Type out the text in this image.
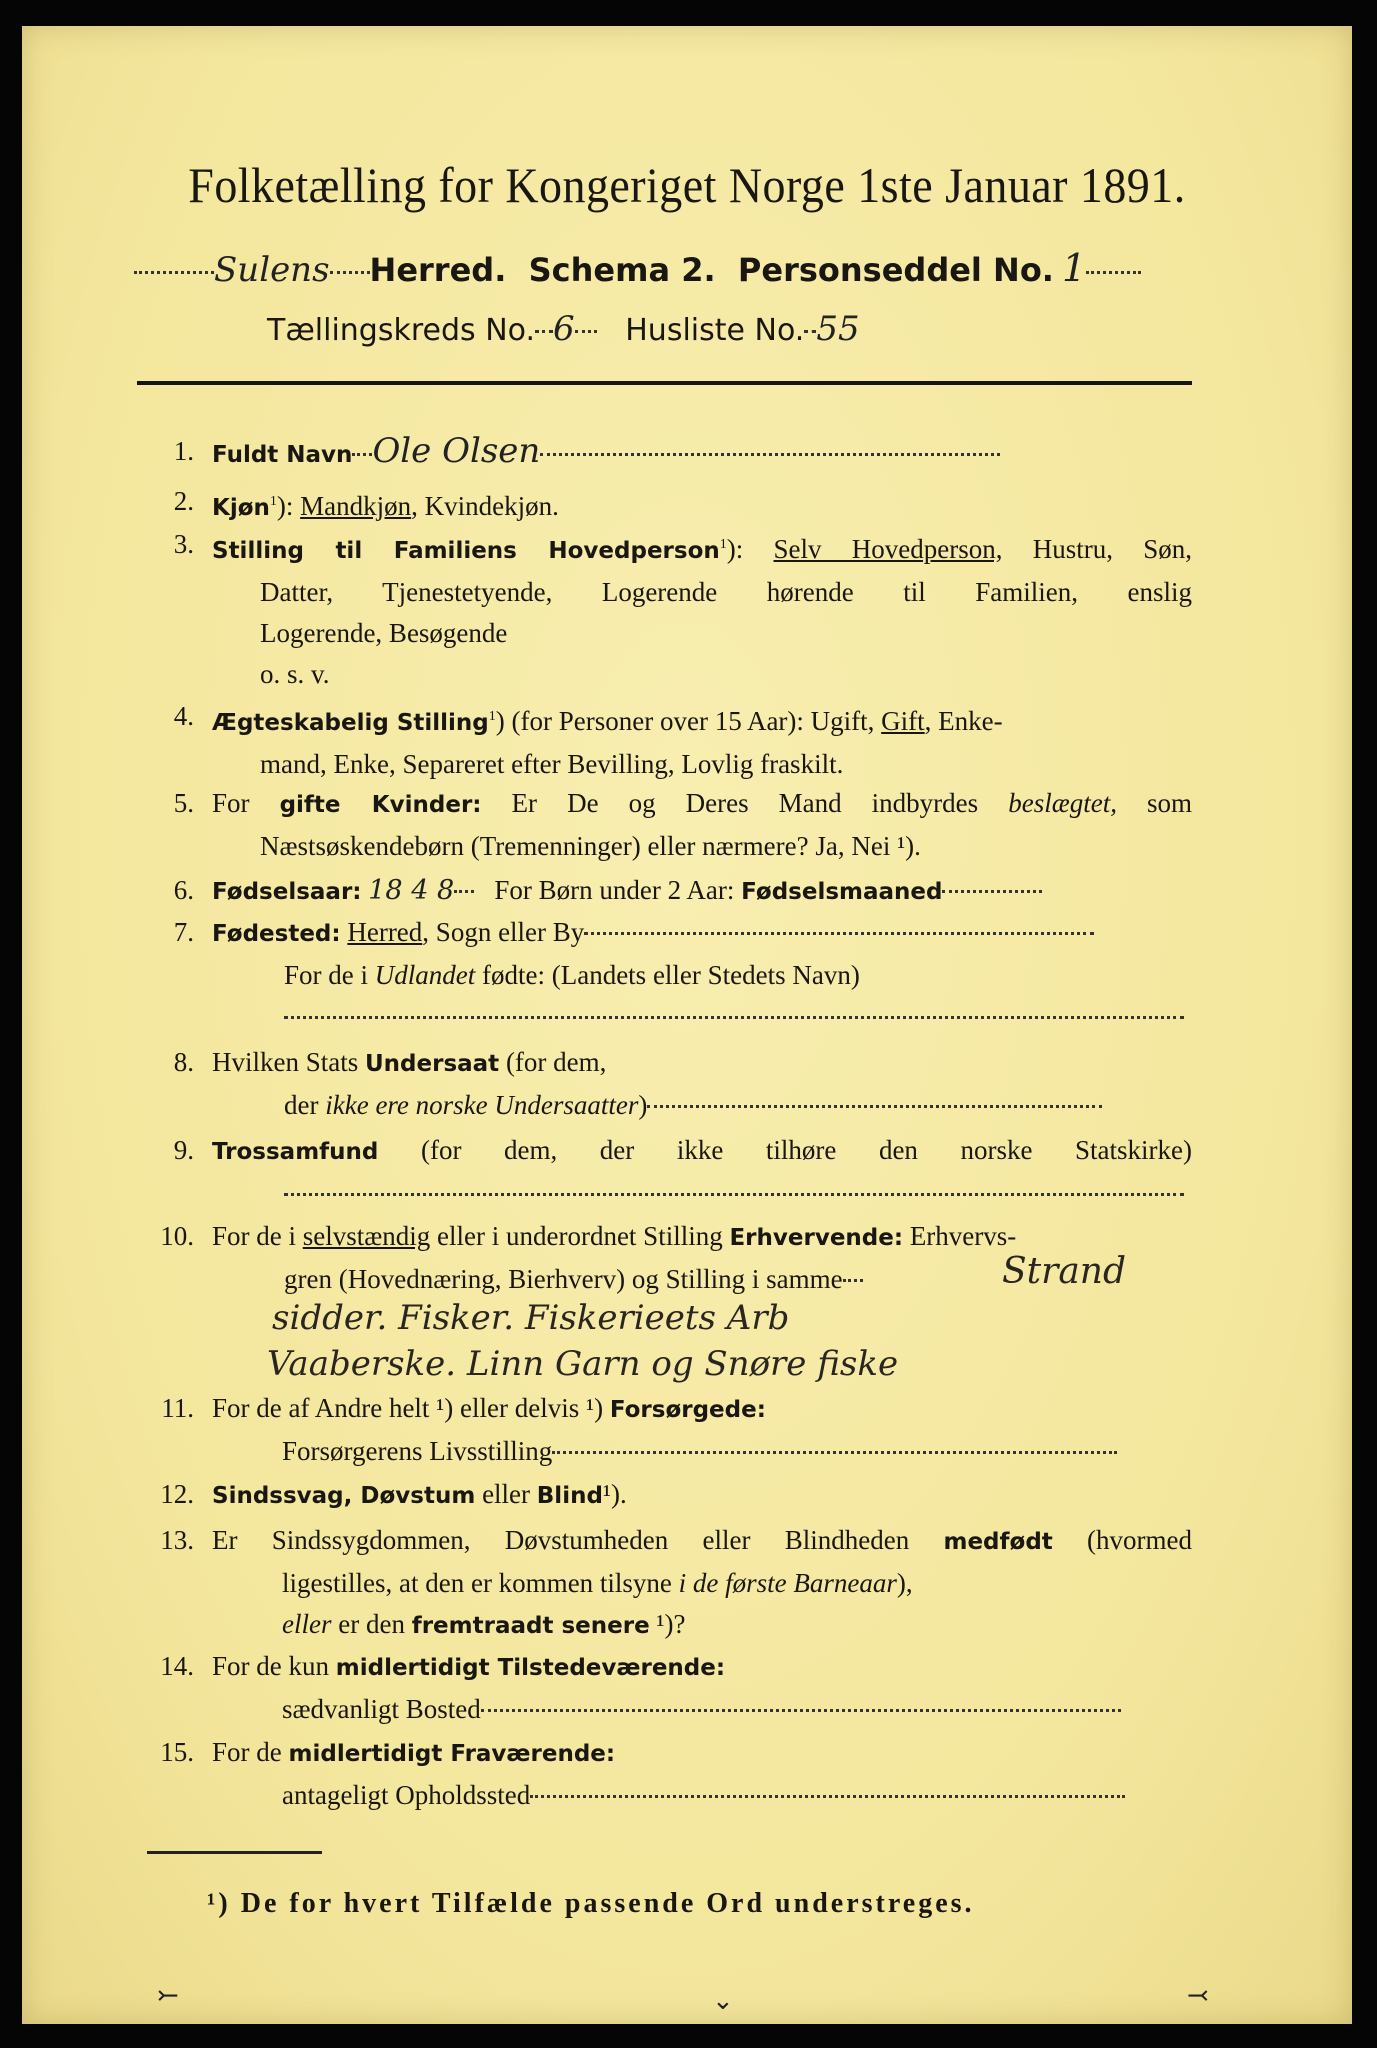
Folketælling for Kongeriget Norge 1ste Januar 1891.
Sulens Herred. Schema 2. Personseddel No. 1
Tællingskreds No. 6 Husliste No. 55
1. Fuldt Navn Ole Olsen
2. Kjøn$^1$): Mandkjøn, Kvindekjøn.
3. Stilling til Familiens Hovedperson$^1$): Selv Hovedperson, Hustru, Søn,
Datter, Tjenestetyende, Logerende hørende til Familien, enslig
Logerende, Besøgende
o. s. v.
4. Ægteskabelig Stilling$^1$) (for Personer over 15 Aar): Ugift, Gift, Enke-
mand, Enke, Separeret efter Bevilling, Lovlig fraskilt.
5. For gifte Kvinder: Er De og Deres Mand indbyrdes beslægtet, som
Næstsøskendebørn (Tremenninger) eller nærmere? Ja, Nei ¹).
6. Fødselsaar: 18 4 8 For Børn under 2 Aar: Fødselsmaaned
7. Fødested: Herred, Sogn eller By
For de i Udlandet fødte: (Landets eller Stedets Navn)
8. Hvilken Stats Undersaat (for dem,
der ikke ere norske Undersaatter)
9. Trossamfund (for dem, der ikke tilhøre den norske Statskirke)
10. For de i selvstændig eller i underordnet Stilling Erhvervende: Erhvervs-
gren (Hovednæring, Bierhverv) og Stilling i samme	Strand
sidder. Fisker. Fiskerieets Arb
Vaaberske. Linn Garn og Snøre fiske
11. For de af Andre helt ¹) eller delvis ¹) Forsørgede:
Forsørgerens Livsstilling
12. Sindssvag, Døvstum eller Blind¹).
13. Er Sindssygdommen, Døvstumheden eller Blindheden medfødt (hvormed
ligestilles, at den er kommen tilsyne i de første Barneaar),
eller er den fremtraadt senere ¹)?
14. For de kun midlertidigt Tilstedeværende:
sædvanligt Bosted
15. For de midlertidigt Fraværende:
antageligt Opholdssted
¹) De for hvert Tilfælde passende Ord understreges.
⤚	⌄	⤙
